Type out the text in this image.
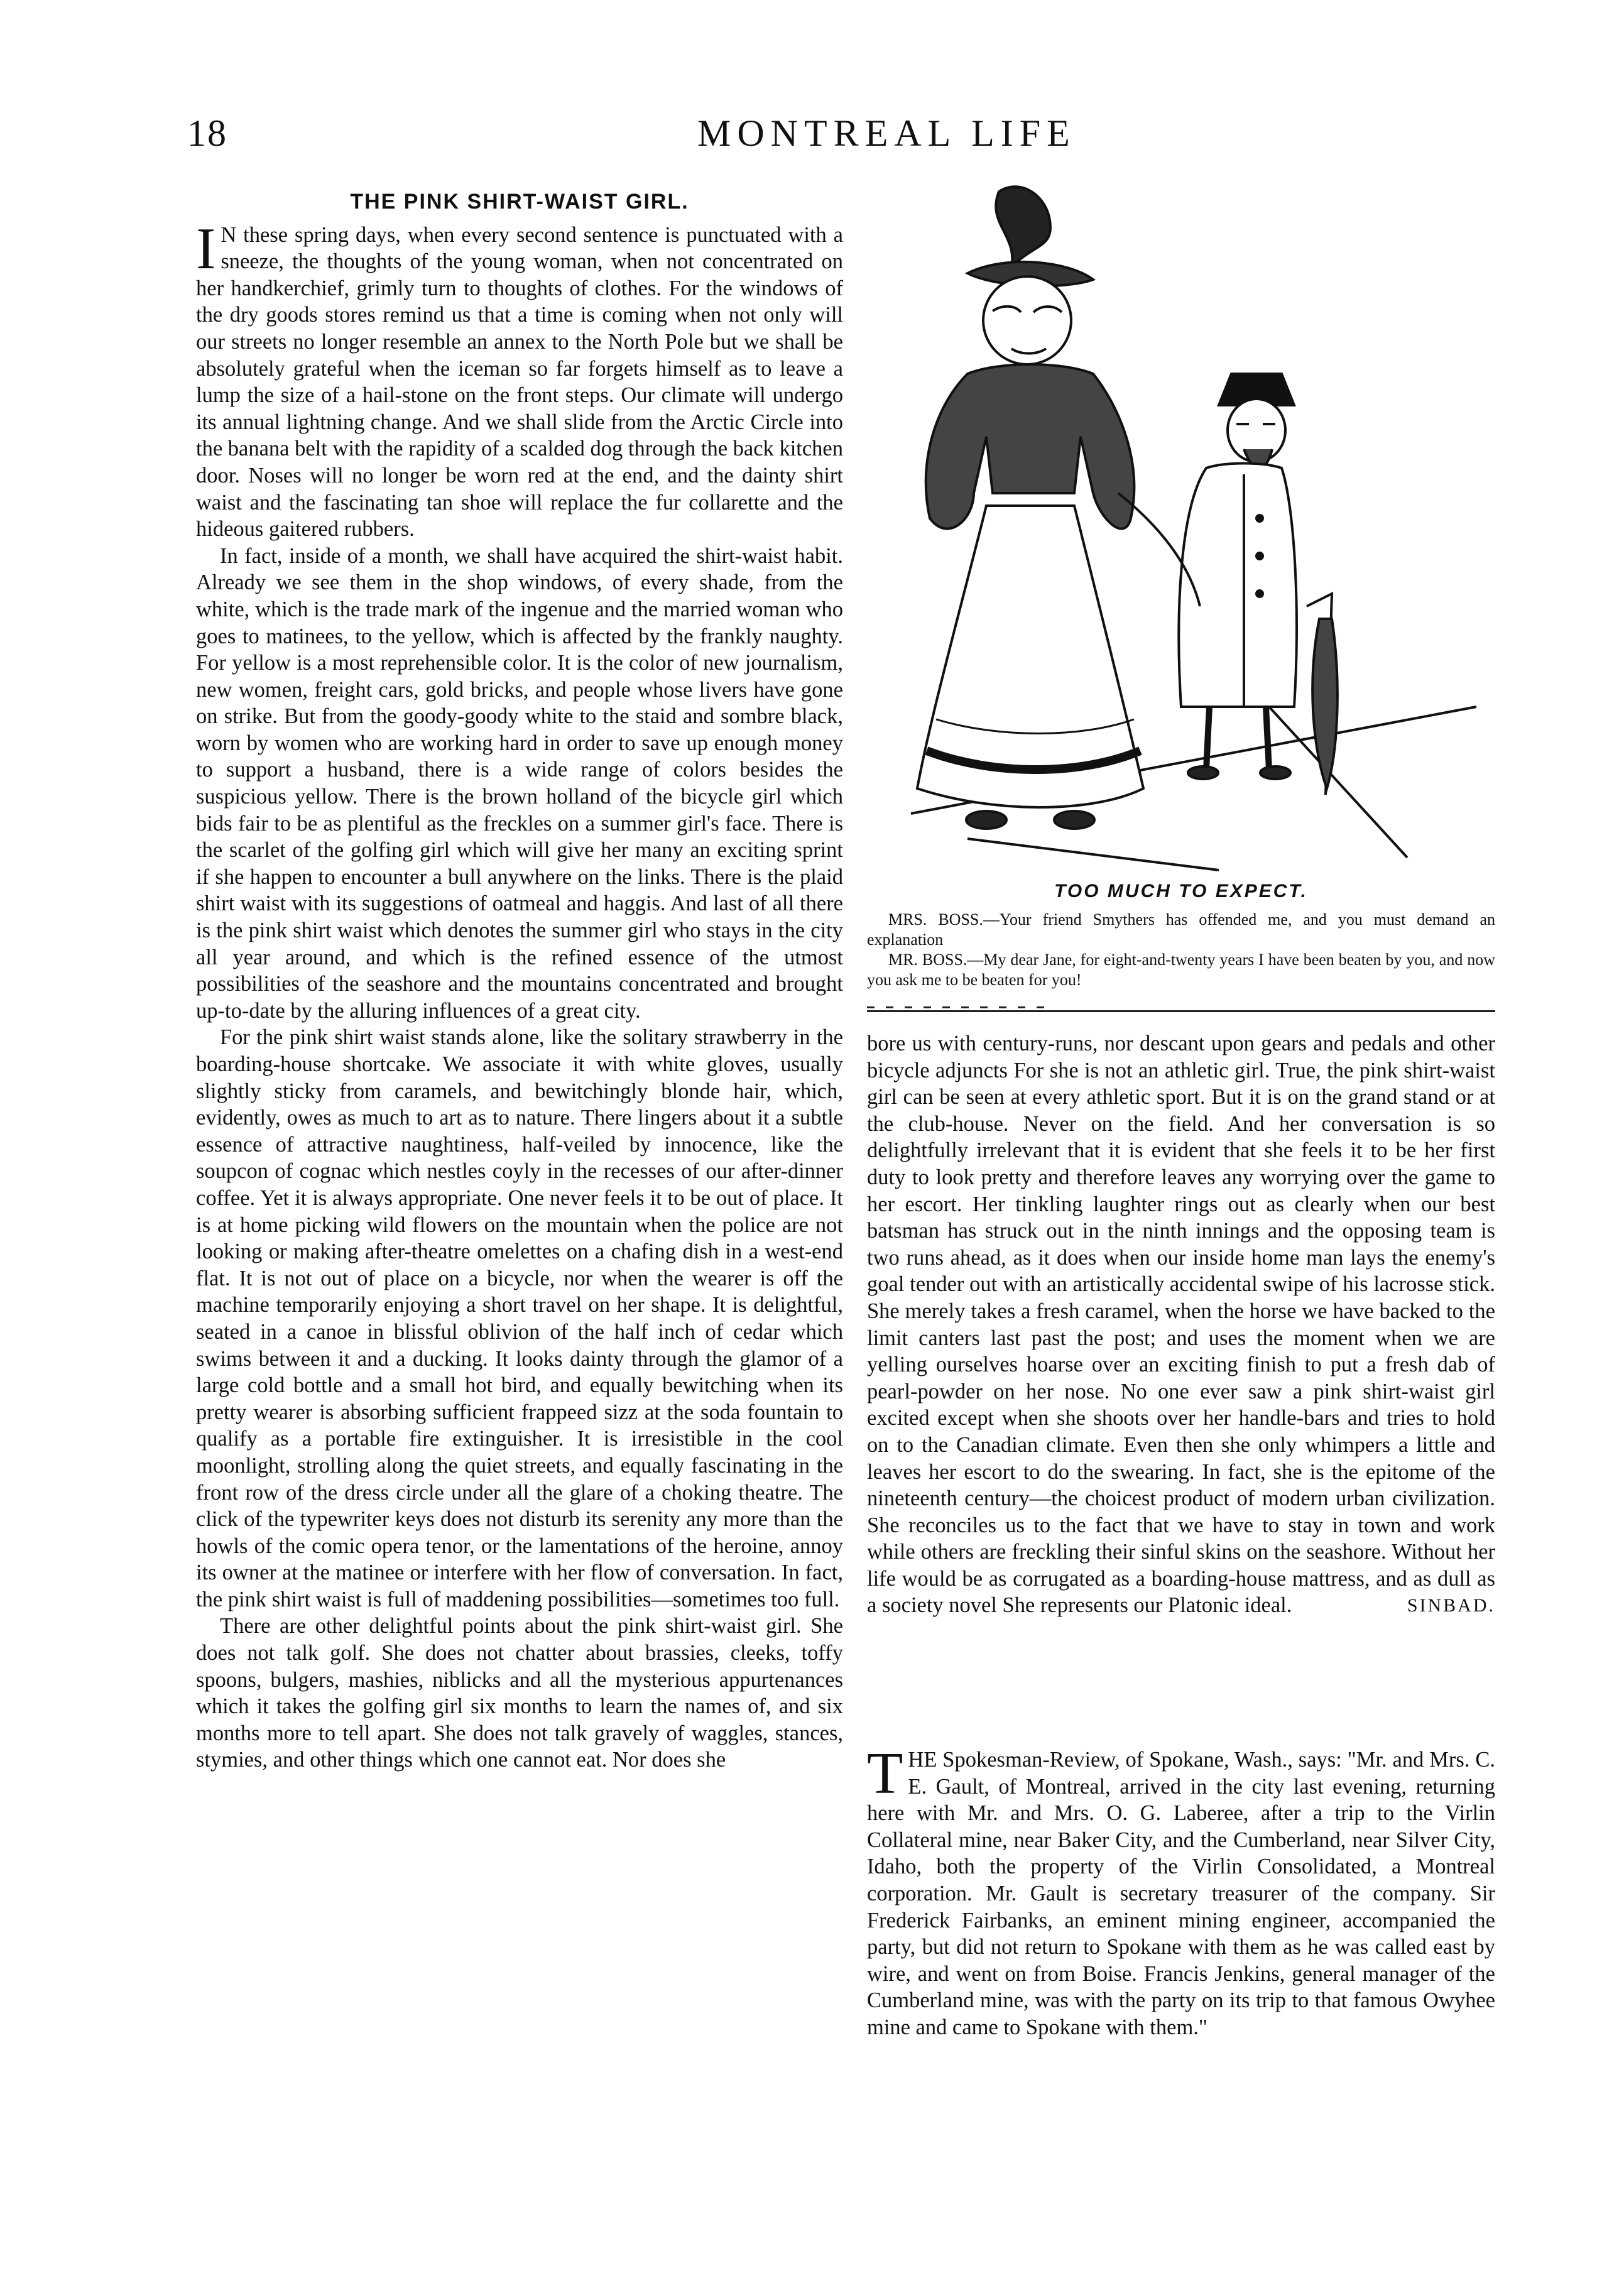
18	MONTREAL LIFE
THE PINK SHIRT-WAIST GIRL.

I N these spring days, when every second sentence is punctuated with a sneeze, the thoughts of the young woman, when not concentrated on her handkerchief, grimly turn to thoughts of clothes. For the windows of the dry goods stores remind us that a time is coming when not only will our streets no longer resemble an annex to the North Pole but we shall be absolutely grateful when the iceman so far forgets himself as to leave a lump the size of a hail-stone on the front steps. Our climate will undergo its annual lightning change. And we shall slide from the Arctic Circle into the banana belt with the rapidity of a scalded dog through the back kitchen door. Noses will no longer be worn red at the end, and the dainty shirt waist and the fascinating tan shoe will replace the fur collarette and the hideous gaitered rubbers.

In fact, inside of a month, we shall have acquired the shirt-waist habit. Already we see them in the shop windows, of every shade, from the white, which is the trade mark of the ingenue and the married woman who goes to matinees, to the yellow, which is affected by the frankly naughty. For yellow is a most reprehensible color. It is the color of new journalism, new women, freight cars, gold bricks, and people whose livers have gone on strike. But from the goody-goody white to the staid and sombre black, worn by women who are working hard in order to save up enough money to support a husband, there is a wide range of colors besides the suspicious yellow. There is the brown holland of the bicycle girl which bids fair to be as plentiful as the freckles on a summer girl's face. There is the scarlet of the golfing girl which will give her many an exciting sprint if she happen to encounter a bull anywhere on the links. There is the plaid shirt waist with its suggestions of oatmeal and haggis. And last of all there is the pink shirt waist which denotes the summer girl who stays in the city all year around, and which is the refined essence of the utmost possibilities of the seashore and the mountains concentrated and brought up-to-date by the alluring influences of a great city.

For the pink shirt waist stands alone, like the solitary strawberry in the boarding-house shortcake. We associate it with white gloves, usually slightly sticky from caramels, and bewitchingly blonde hair, which, evidently, owes as much to art as to nature. There lingers about it a subtle essence of attractive naughtiness, half-veiled by innocence, like the soupcon of cognac which nestles coyly in the recesses of our after-dinner coffee. Yet it is always appropriate. One never feels it to be out of place. It is at home picking wild flowers on the mountain when the police are not looking or making after-theatre omelettes on a chafing dish in a west-end flat. It is not out of place on a bicycle, nor when the wearer is off the machine temporarily enjoying a short travel on her shape. It is delightful, seated in a canoe in blissful oblivion of the half inch of cedar which swims between it and a ducking. It looks dainty through the glamor of a large cold bottle and a small hot bird, and equally bewitching when its pretty wearer is absorbing sufficient frappeed sizz at the soda fountain to qualify as a portable fire extinguisher. It is irresistible in the cool moonlight, strolling along the quiet streets, and equally fascinating in the front row of the dress circle under all the glare of a choking theatre. The click of the typewriter keys does not disturb its serenity any more than the howls of the comic opera tenor, or the lamentations of the heroine, annoy its owner at the matinee or interfere with her flow of conversation. In fact, the pink shirt waist is full of maddening possibilities—sometimes too full.

There are other delightful points about the pink shirt-waist girl. She does not talk golf. She does not chatter about brassies, cleeks, toffy spoons, bulgers, mashies, niblicks and all the mysterious appurtenances which it takes the golfing girl six months to learn the names of, and six months more to tell apart. She does not talk gravely of waggles, stances, stymies, and other things which one cannot eat. Nor does she

TOO MUCH TO EXPECT.

MRS. BOSS.—Your friend Smythers has offended me, and you must demand an explanation

MR. BOSS.—My dear Jane, for eight-and-twenty years I have been beaten by you, and now you ask me to be beaten for you!

bore us with century-runs, nor descant upon gears and pedals and other bicycle adjuncts For she is not an athletic girl. True, the pink shirt-waist girl can be seen at every athletic sport. But it is on the grand stand or at the club-house. Never on the field. And her conversation is so delightfully irrelevant that it is evident that she feels it to be her first duty to look pretty and therefore leaves any worrying over the game to her escort. Her tinkling laughter rings out as clearly when our best batsman has struck out in the ninth innings and the opposing team is two runs ahead, as it does when our inside home man lays the enemy's goal tender out with an artistically accidental swipe of his lacrosse stick. She merely takes a fresh caramel, when the horse we have backed to the limit canters last past the post; and uses the moment when we are yelling ourselves hoarse over an exciting finish to put a fresh dab of pearl-powder on her nose. No one ever saw a pink shirt-waist girl excited except when she shoots over her handle-bars and tries to hold on to the Canadian climate. Even then she only whimpers a little and leaves her escort to do the swearing. In fact, she is the epitome of the nineteenth century—the choicest product of modern urban civilization. She reconciles us to the fact that we have to stay in town and work while others are freckling their sinful skins on the seashore. Without her life would be as corrugated as a boarding-house mattress, and as dull as a society novel She represents our Platonic ideal.	SINBAD.

THE Spokesman-Review, of Spokane, Wash., says: "Mr. and Mrs. C. E. Gault, of Montreal, arrived in the city last evening, returning here with Mr. and Mrs. O. G. Laberee, after a trip to the Virlin Collateral mine, near Baker City, and the Cumberland, near Silver City, Idaho, both the property of the Virlin Consolidated, a Montreal corporation. Mr. Gault is secretary treasurer of the company. Sir Frederick Fairbanks, an eminent mining engineer, accompanied the party, but did not return to Spokane with them as he was called east by wire, and went on from Boise. Francis Jenkins, general manager of the Cumberland mine, was with the party on its trip to that famous Owyhee mine and came to Spokane with them."
